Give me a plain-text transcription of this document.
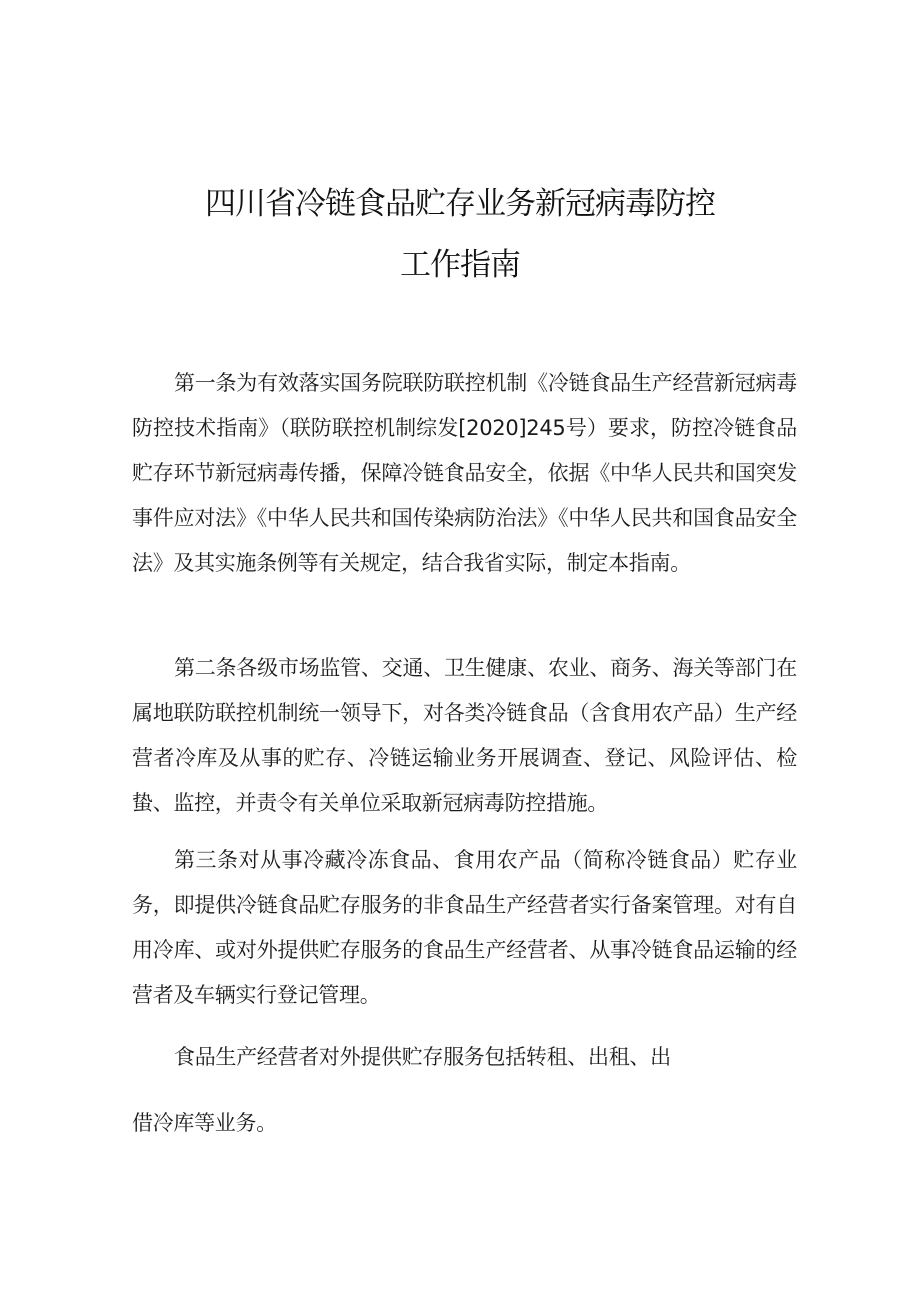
四川省冷链食品贮存业务新冠病毒防控
工作指南

第一条为有效落实国务院联防联控机制《冷链食品生产经营新冠病毒防控技术指南》（联防联控机制综发[2020]245号）要求，防控冷链食品贮存环节新冠病毒传播，保障冷链食品安全，依据《中华人民共和国突发事件应对法》《中华人民共和国传染病防治法》《中华人民共和国食品安全法》及其实施条例等有关规定，结合我省实际，制定本指南。

第二条各级市场监管、交通、卫生健康、农业、商务、海关等部门在属地联防联控机制统一领导下，对各类冷链食品（含食用农产品）生产经营者冷库及从事的贮存、冷链运输业务开展调查、登记、风险评估、检蛰、监控，并责令有关单位采取新冠病毒防控措施。

第三条对从事冷藏冷冻食品、食用农产品（简称冷链食品）贮存业务，即提供冷链食品贮存服务的非食品生产经营者实行备案管理。对有自用冷库、或对外提供贮存服务的食品生产经营者、从事冷链食品运输的经营者及车辆实行登记管理。

食品生产经营者对外提供贮存服务包括转租、出租、出

借冷库等业务。
